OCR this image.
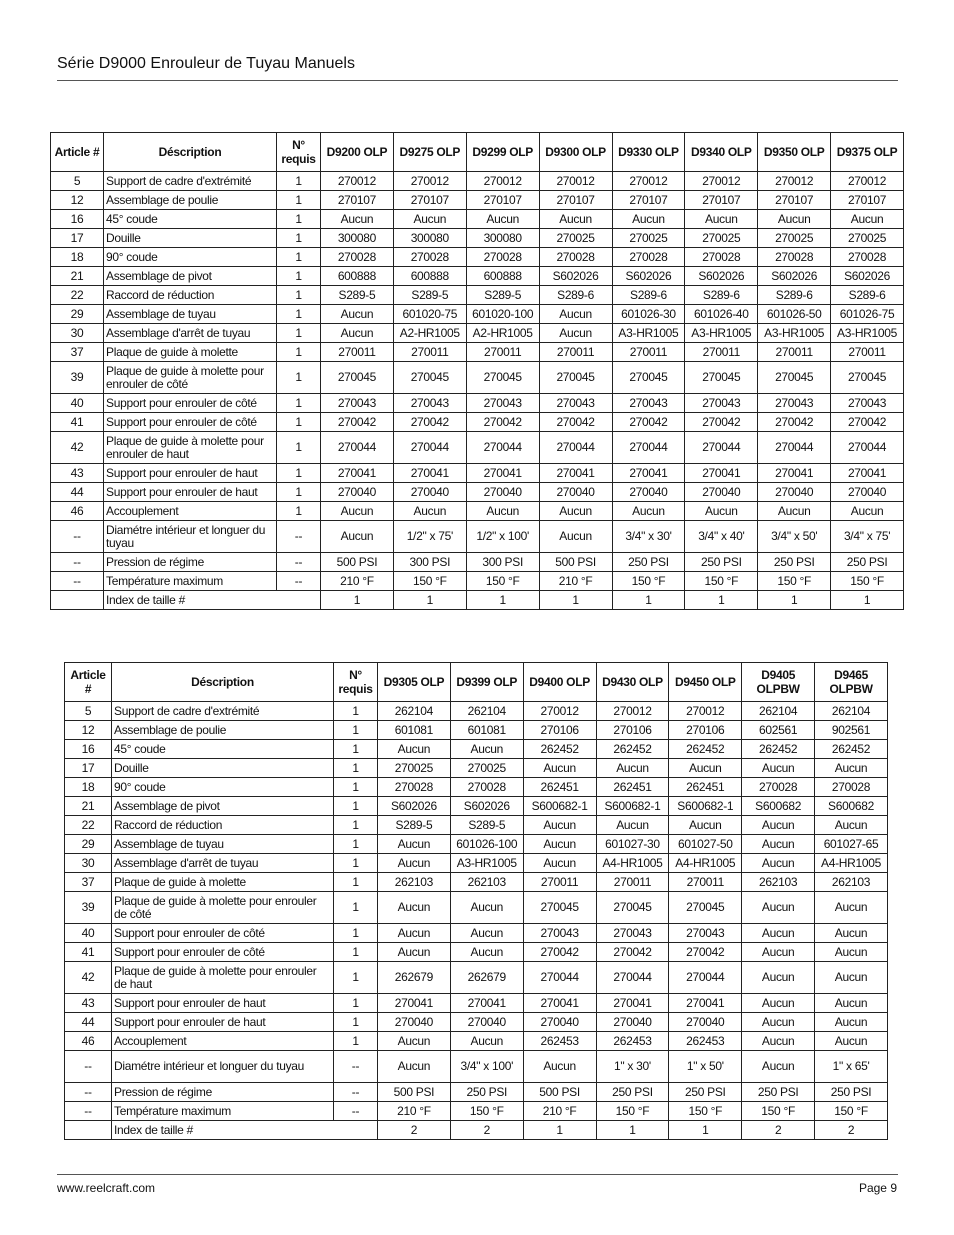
Série D9000 Enrouleur de Tuyau Manuels
Article #	Déscription	N° requis	D9200 OLP	D9275 OLP	D9299 OLP	D9300 OLP	D9330 OLP	D9340 OLP	D9350 OLP	D9375 OLP
5	Support de cadre d'extrémité	1	270012	270012	270012	270012	270012	270012	270012	270012
12	Assemblage de poulie	1	270107	270107	270107	270107	270107	270107	270107	270107
16	45° coude	1	Aucun	Aucun	Aucun	Aucun	Aucun	Aucun	Aucun	Aucun
17	Douille	1	300080	300080	300080	270025	270025	270025	270025	270025
18	90° coude	1	270028	270028	270028	270028	270028	270028	270028	270028
21	Assemblage de pivot	1	600888	600888	600888	S602026	S602026	S602026	S602026	S602026
22	Raccord de réduction	1	S289-5	S289-5	S289-5	S289-6	S289-6	S289-6	S289-6	S289-6
29	Assemblage de tuyau	1	Aucun	601020-75	601020-100	Aucun	601026-30	601026-40	601026-50	601026-75
30	Assemblage d'arrêt de tuyau	1	Aucun	A2-HR1005	A2-HR1005	Aucun	A3-HR1005	A3-HR1005	A3-HR1005	A3-HR1005
37	Plaque de guide à molette	1	270011	270011	270011	270011	270011	270011	270011	270011
39	Plaque de guide à molette pour enrouler de côté	1	270045	270045	270045	270045	270045	270045	270045	270045
40	Support pour enrouler de côté	1	270043	270043	270043	270043	270043	270043	270043	270043
41	Support pour enrouler de côté	1	270042	270042	270042	270042	270042	270042	270042	270042
42	Plaque de guide à molette pour enrouler de haut	1	270044	270044	270044	270044	270044	270044	270044	270044
43	Support pour enrouler de haut	1	270041	270041	270041	270041	270041	270041	270041	270041
44	Support pour enrouler de haut	1	270040	270040	270040	270040	270040	270040	270040	270040
46	Accouplement	1	Aucun	Aucun	Aucun	Aucun	Aucun	Aucun	Aucun	Aucun
--	Diamétre intérieur et longuer du tuyau	--	Aucun	1/2" x 75'	1/2" x 100'	Aucun	3/4" x 30'	3/4" x 40'	3/4" x 50'	3/4" x 75'
--	Pression de régime	--	500 PSI	300 PSI	300 PSI	500 PSI	250 PSI	250 PSI	250 PSI	250 PSI
--	Température maximum	--	210 °F	150 °F	150 °F	210 °F	150 °F	150 °F	150 °F	150 °F
	Index de taille #		1	1	1	1	1	1	1	1
Article #	Déscription	N° requis	D9305 OLP	D9399 OLP	D9400 OLP	D9430 OLP	D9450 OLP	D9405 OLPBW	D9465 OLPBW
5	Support de cadre d'extrémité	1	262104	262104	270012	270012	270012	262104	262104
12	Assemblage de poulie	1	601081	601081	270106	270106	270106	602561	902561
16	45° coude	1	Aucun	Aucun	262452	262452	262452	262452	262452
17	Douille	1	270025	270025	Aucun	Aucun	Aucun	Aucun	Aucun
18	90° coude	1	270028	270028	262451	262451	262451	270028	270028
21	Assemblage de pivot	1	S602026	S602026	S600682-1	S600682-1	S600682-1	S600682	S600682
22	Raccord de réduction	1	S289-5	S289-5	Aucun	Aucun	Aucun	Aucun	Aucun
29	Assemblage de tuyau	1	Aucun	601026-100	Aucun	601027-30	601027-50	Aucun	601027-65
30	Assemblage d'arrêt de tuyau	1	Aucun	A3-HR1005	Aucun	A4-HR1005	A4-HR1005	Aucun	A4-HR1005
37	Plaque de guide à molette	1	262103	262103	270011	270011	270011	262103	262103
39	Plaque de guide à molette pour enrouler de côté	1	Aucun	Aucun	270045	270045	270045	Aucun	Aucun
40	Support pour enrouler de côté	1	Aucun	Aucun	270043	270043	270043	Aucun	Aucun
41	Support pour enrouler de côté	1	Aucun	Aucun	270042	270042	270042	Aucun	Aucun
42	Plaque de guide à molette pour enrouler de haut	1	262679	262679	270044	270044	270044	Aucun	Aucun
43	Support pour enrouler de haut	1	270041	270041	270041	270041	270041	Aucun	Aucun
44	Support pour enrouler de haut	1	270040	270040	270040	270040	270040	Aucun	Aucun
46	Accouplement	1	Aucun	Aucun	262453	262453	262453	Aucun	Aucun
--	Diamétre intérieur et longuer du tuyau	--	Aucun	3/4" x 100'	Aucun	1" x 30'	1" x 50'	Aucun	1" x 65'
--	Pression de régime	--	500 PSI	250 PSI	500 PSI	250 PSI	250 PSI	250 PSI	250 PSI
--	Température maximum	--	210 °F	150 °F	210 °F	150 °F	150 °F	150 °F	150 °F
	Index de taille #		2	2	1	1	1	2	2
www.reelcraft.com	Page 9
